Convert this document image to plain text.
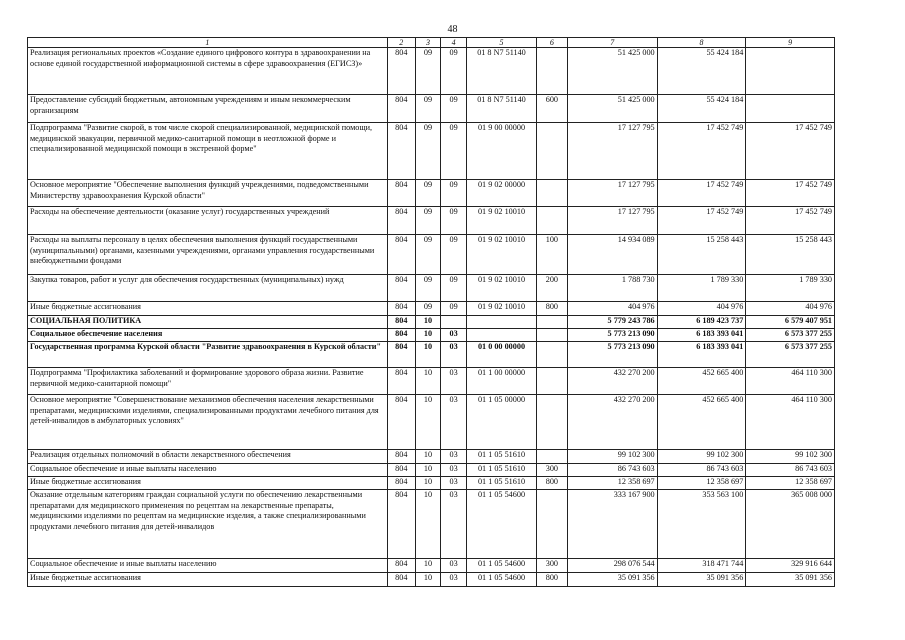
48
1	2	3	4	5	6	7	8	9
Реализация региональных проектов «Создание единого цифрового контура в здравоохранении на основе единой государственной информационной системы в сфере здравоохранения (ЕГИСЗ)»	804	09	09	01 8 N7 51140		51 425 000	55 424 184	
Предоставление субсидий бюджетным, автономным учреждениям и иным некоммерческим организациям	804	09	09	01 8 N7 51140	600	51 425 000	55 424 184	
Подпрограмма "Развитие скорой, в том числе скорой специализированной, медицинской помощи, медицинской эвакуации, первичной медико-санитарной помощи в неотложной форме и специализированной медицинской помощи в экстренной форме"	804	09	09	01 9 00 00000		17 127 795	17 452 749	17 452 749
Основное мероприятие "Обеспечение выполнения функций учреждениями, подведомственными Министерству здравоохранения Курской области"	804	09	09	01 9 02 00000		17 127 795	17 452 749	17 452 749
Расходы на обеспечение деятельности (оказание услуг) государственных учреждений	804	09	09	01 9 02 10010		17 127 795	17 452 749	17 452 749
Расходы на выплаты персоналу в целях обеспечения выполнения функций государственными (муниципальными) органами, казенными учреждениями, органами управления государственными внебюджетными фондами	804	09	09	01 9 02 10010	100	14 934 089	15 258 443	15 258 443
Закупка товаров, работ и услуг для обеспечения государственных (муниципальных) нужд	804	09	09	01 9 02 10010	200	1 788 730	1 789 330	1 789 330
Иные бюджетные ассигнования	804	09	09	01 9 02 10010	800	404 976	404 976	404 976
СОЦИАЛЬНАЯ ПОЛИТИКА	804	10				5 779 243 786	6 189 423 737	6 579 407 951
Социальное обеспечение населения	804	10	03			5 773 213 090	6 183 393 041	6 573 377 255
Государственная программа Курской области "Развитие здравоохранения в Курской области"	804	10	03	01 0 00 00000		5 773 213 090	6 183 393 041	6 573 377 255
Подпрограмма "Профилактика заболеваний и формирование здорового образа жизни. Развитие первичной медико-санитарной помощи"	804	10	03	01 1 00 00000		432 270 200	452 665 400	464 110 300
Основное мероприятие "Совершенствование механизмов обеспечения населения лекарственными препаратами, медицинскими изделиями, специализированными продуктами лечебного питания для детей-инвалидов в амбулаторных условиях"	804	10	03	01 1 05 00000		432 270 200	452 665 400	464 110 300
Реализация отдельных полномочий в области лекарственного обеспечения	804	10	03	01 1 05 51610		99 102 300	99 102 300	99 102 300
Социальное обеспечение и иные выплаты населению	804	10	03	01 1 05 51610	300	86 743 603	86 743 603	86 743 603
Иные бюджетные ассигнования	804	10	03	01 1 05 51610	800	12 358 697	12 358 697	12 358 697
Оказание отдельным категориям граждан социальной услуги по обеспечению лекарственными препаратами для медицинского применения по рецептам на лекарственные препараты, медицинскими изделиями по рецептам на медицинские изделия, а также специализированными продуктами лечебного питания для детей-инвалидов	804	10	03	01 1 05 54600		333 167 900	353 563 100	365 008 000
Социальное обеспечение и иные выплаты населению	804	10	03	01 1 05 54600	300	298 076 544	318 471 744	329 916 644
Иные бюджетные ассигнования	804	10	03	01 1 05 54600	800	35 091 356	35 091 356	35 091 356
